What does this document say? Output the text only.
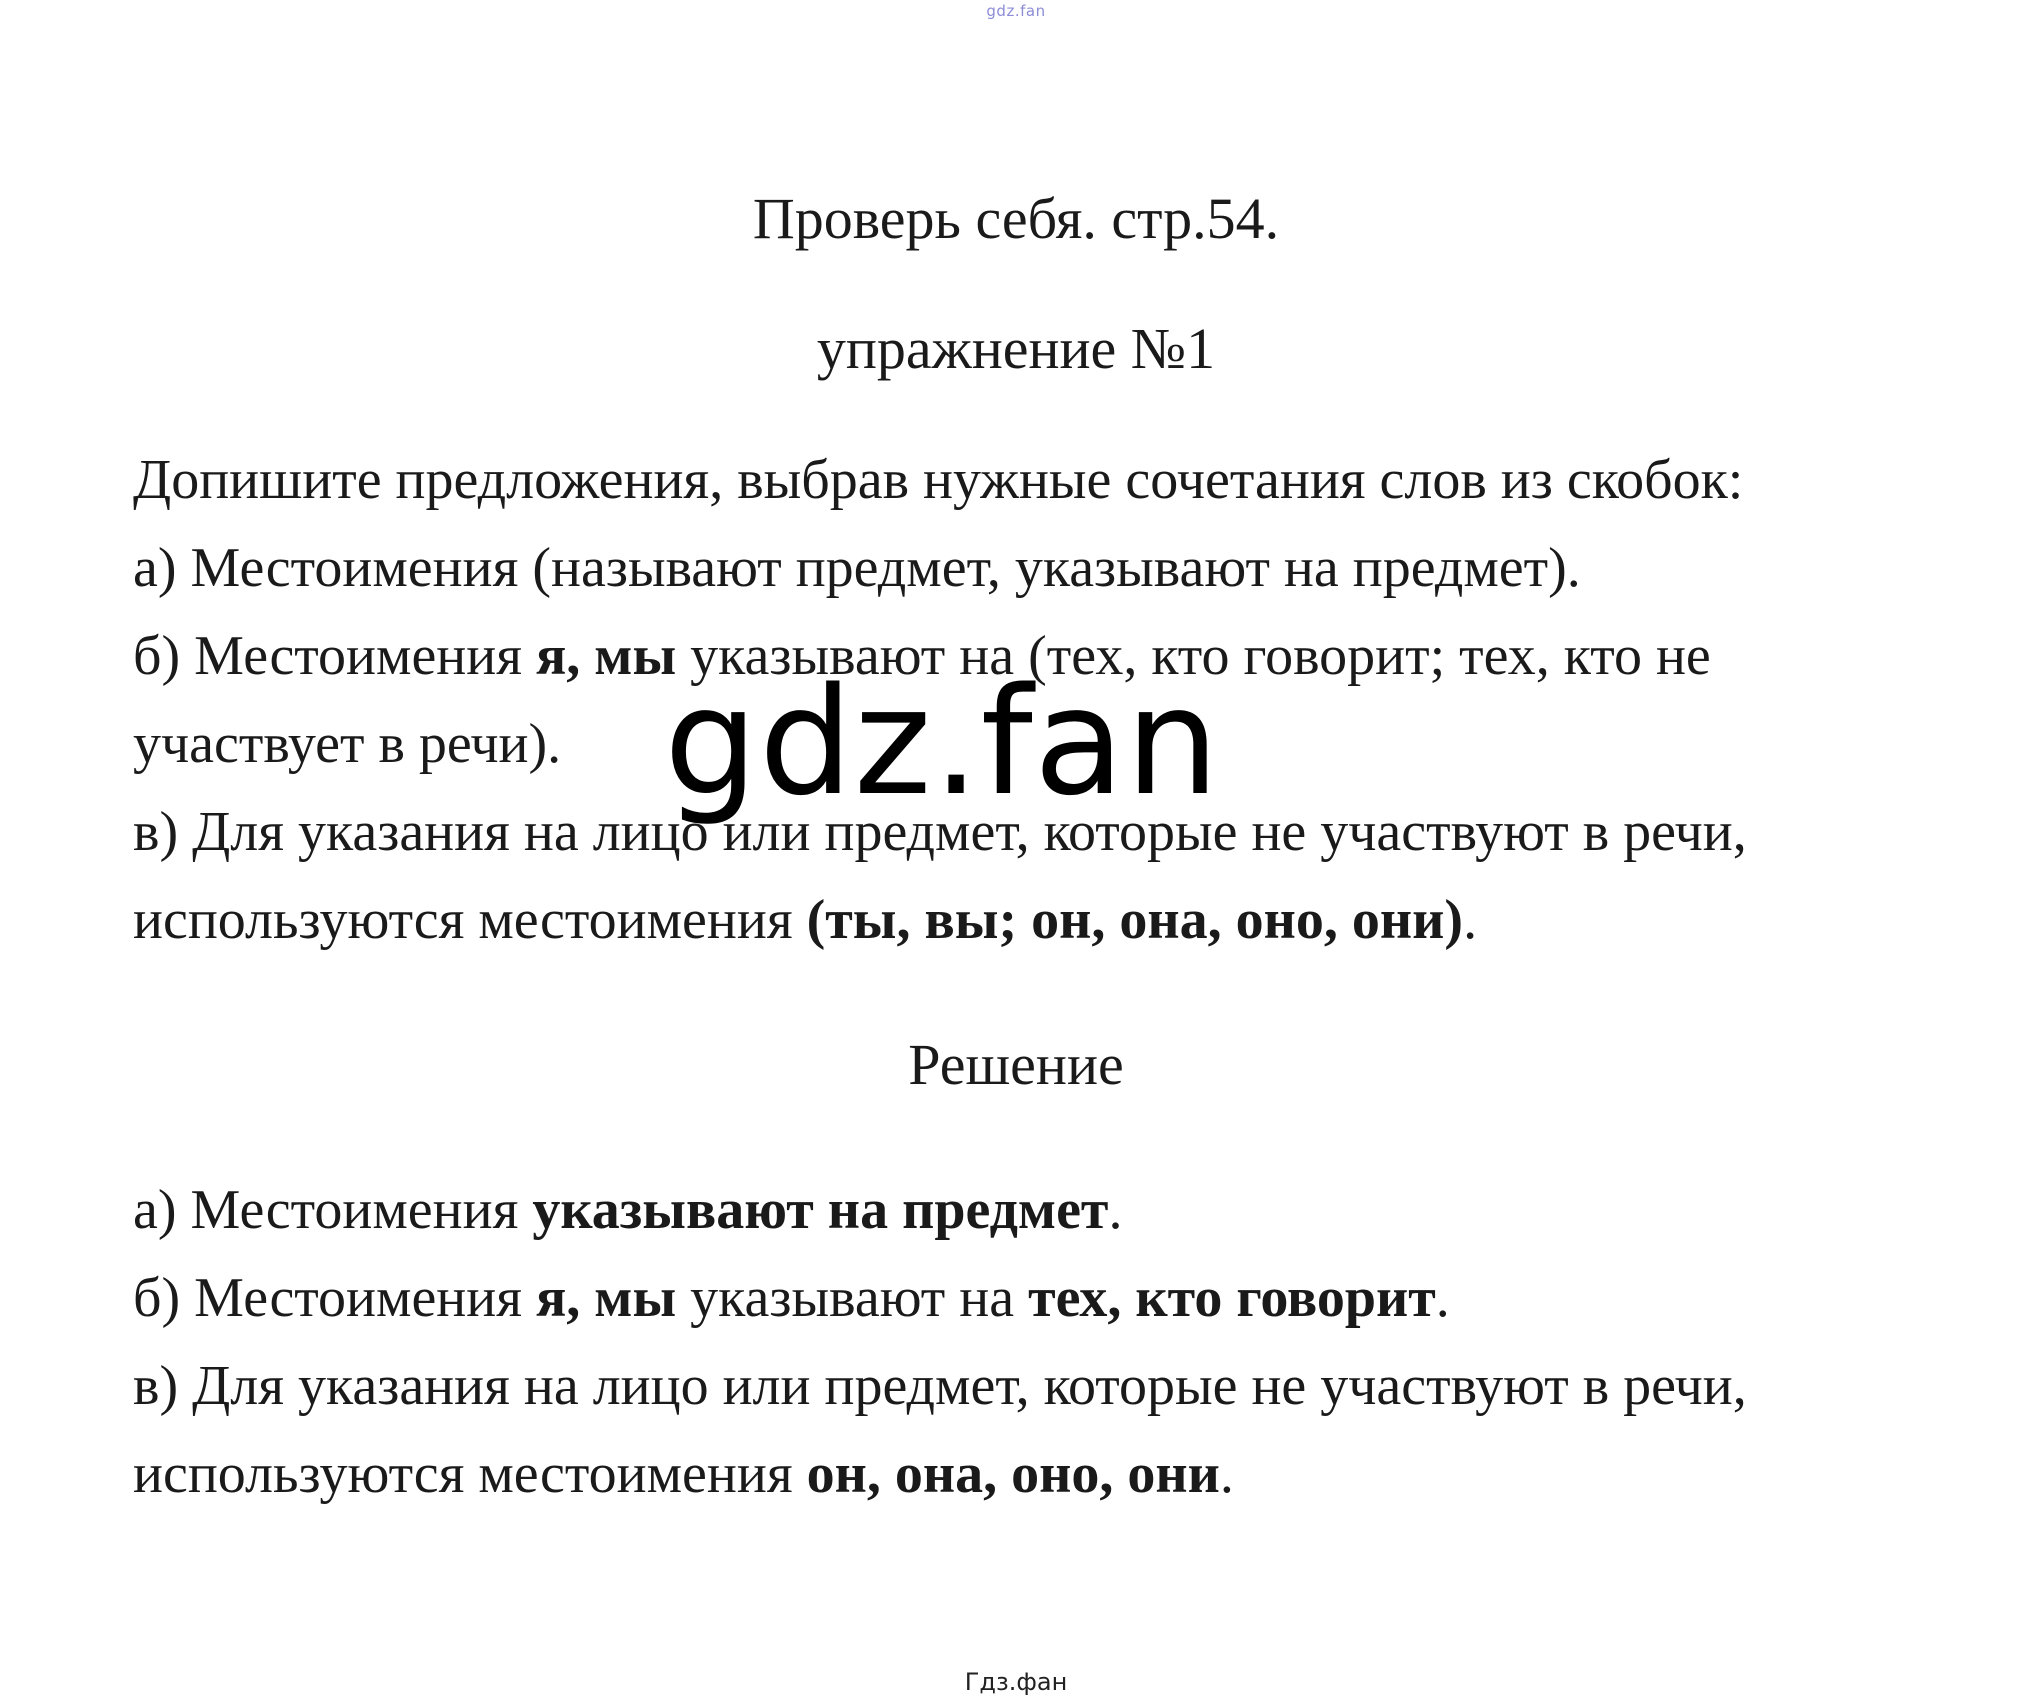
gdz.fan
Проверь себя. стр.54.
упражнение №1
Допишите предложения, выбрав нужные сочетания слов из скобок:
а) Местоимения (называют предмет, указывают на предмет).
б) Местоимения я, мы указывают на (тех, кто говорит; тех, кто не
участвует в речи).
в) Для указания на лицо или предмет, которые не участвуют в речи,
используются местоимения (ты, вы; он, она, оно, они).
gdz.fan
Решение
а) Местоимения указывают на предмет.
б) Местоимения я, мы указывают на тех, кто говорит.
в) Для указания на лицо или предмет, которые не участвуют в речи,
используются местоимения он, она, оно, они.
Гдз.фан
